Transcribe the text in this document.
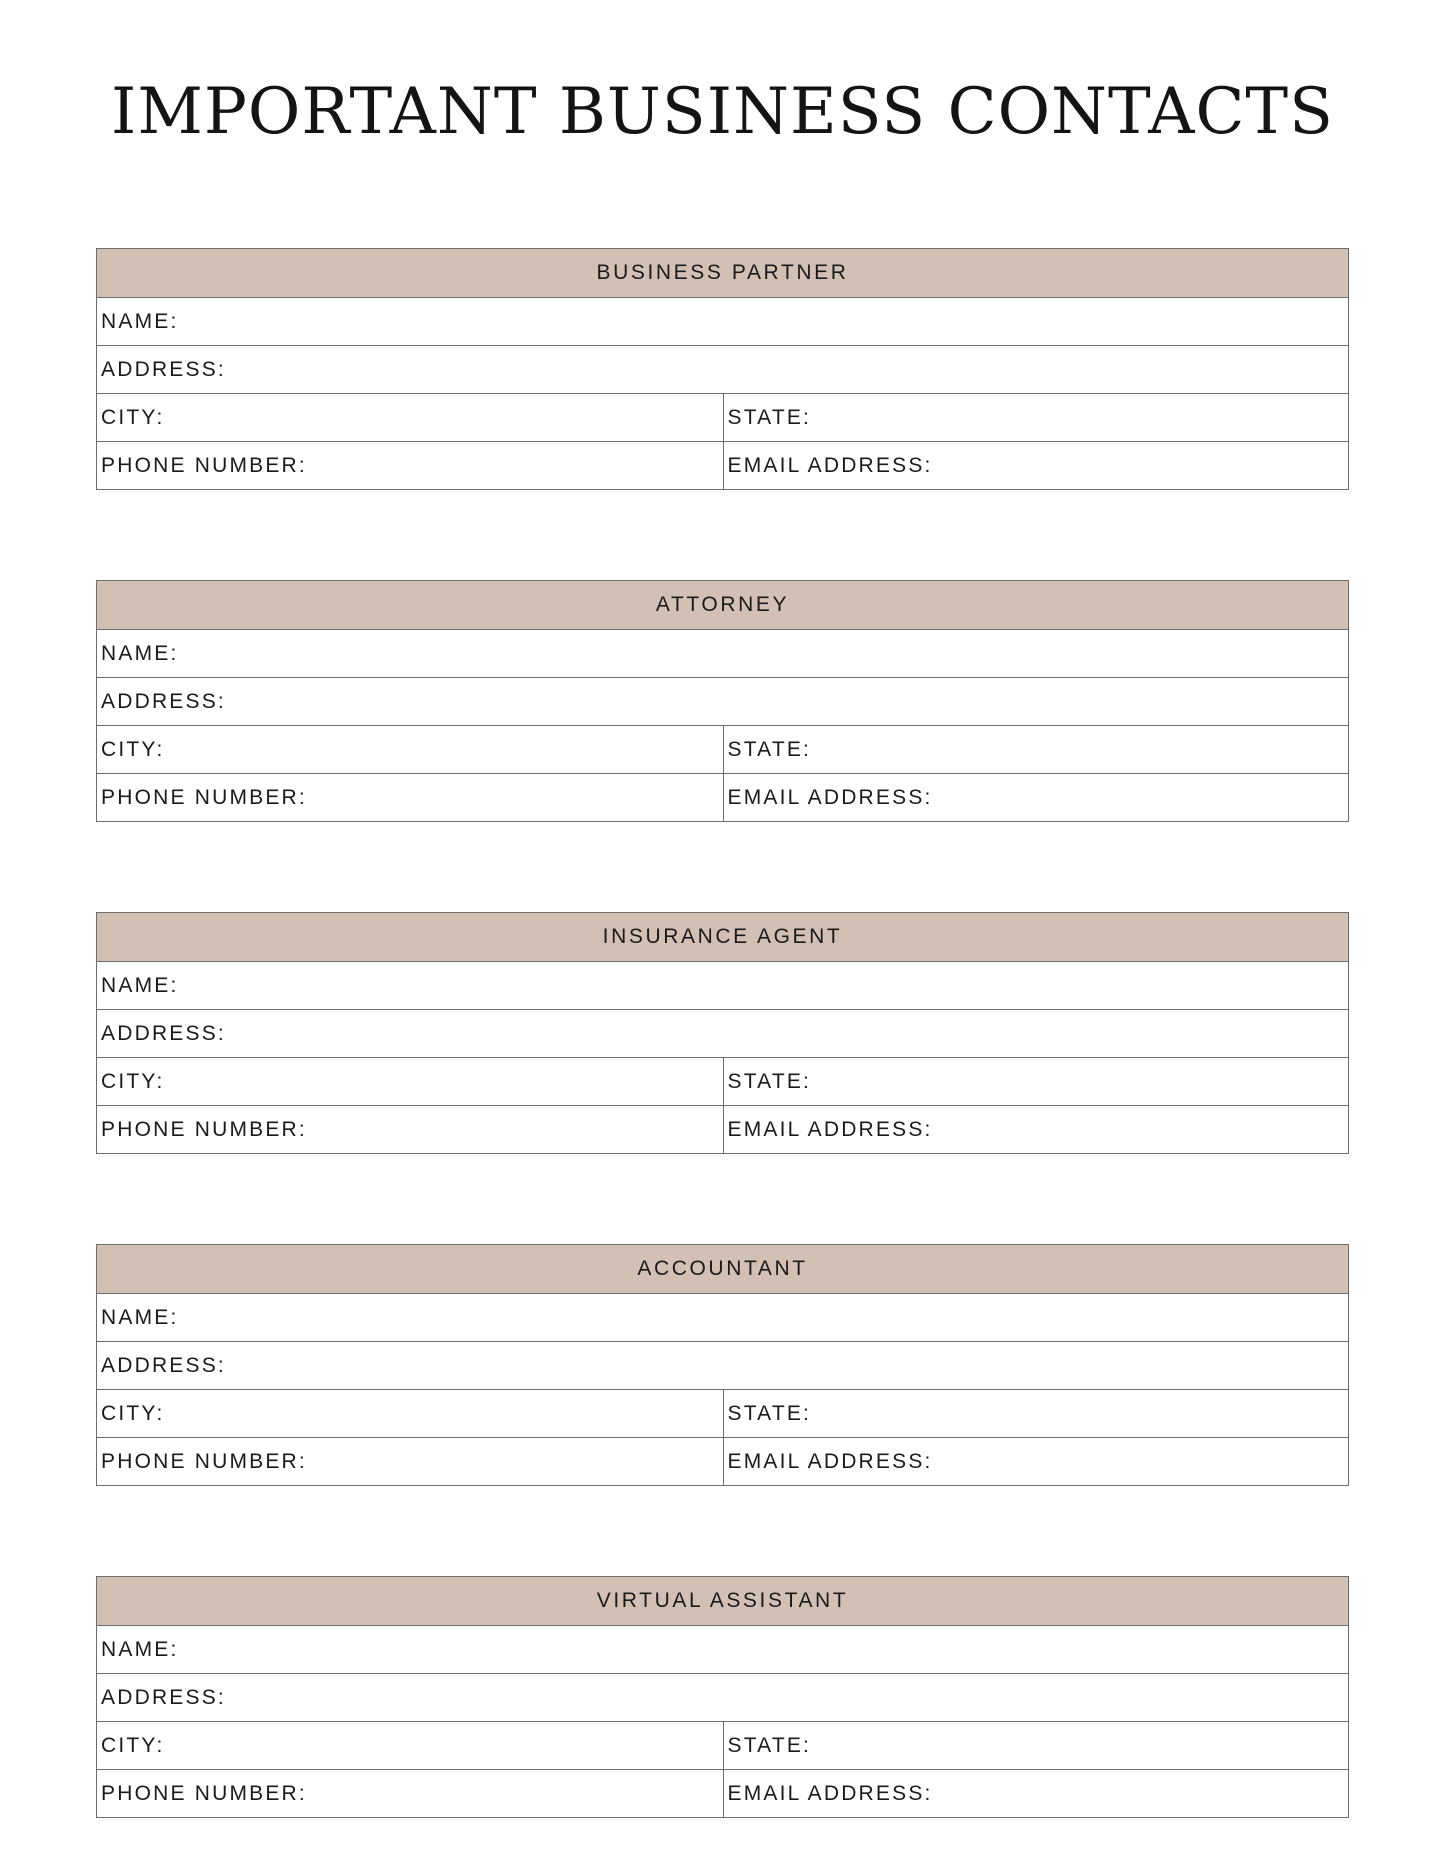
IMPORTANT BUSINESS CONTACTS
BUSINESS PARTNER
NAME:
ADDRESS:
CITY:	STATE:
PHONE NUMBER:	EMAIL ADDRESS:
ATTORNEY
NAME:
ADDRESS:
CITY:	STATE:
PHONE NUMBER:	EMAIL ADDRESS:
INSURANCE AGENT
NAME:
ADDRESS:
CITY:	STATE:
PHONE NUMBER:	EMAIL ADDRESS:
ACCOUNTANT
NAME:
ADDRESS:
CITY:	STATE:
PHONE NUMBER:	EMAIL ADDRESS:
VIRTUAL ASSISTANT
NAME:
ADDRESS:
CITY:	STATE:
PHONE NUMBER:	EMAIL ADDRESS:
